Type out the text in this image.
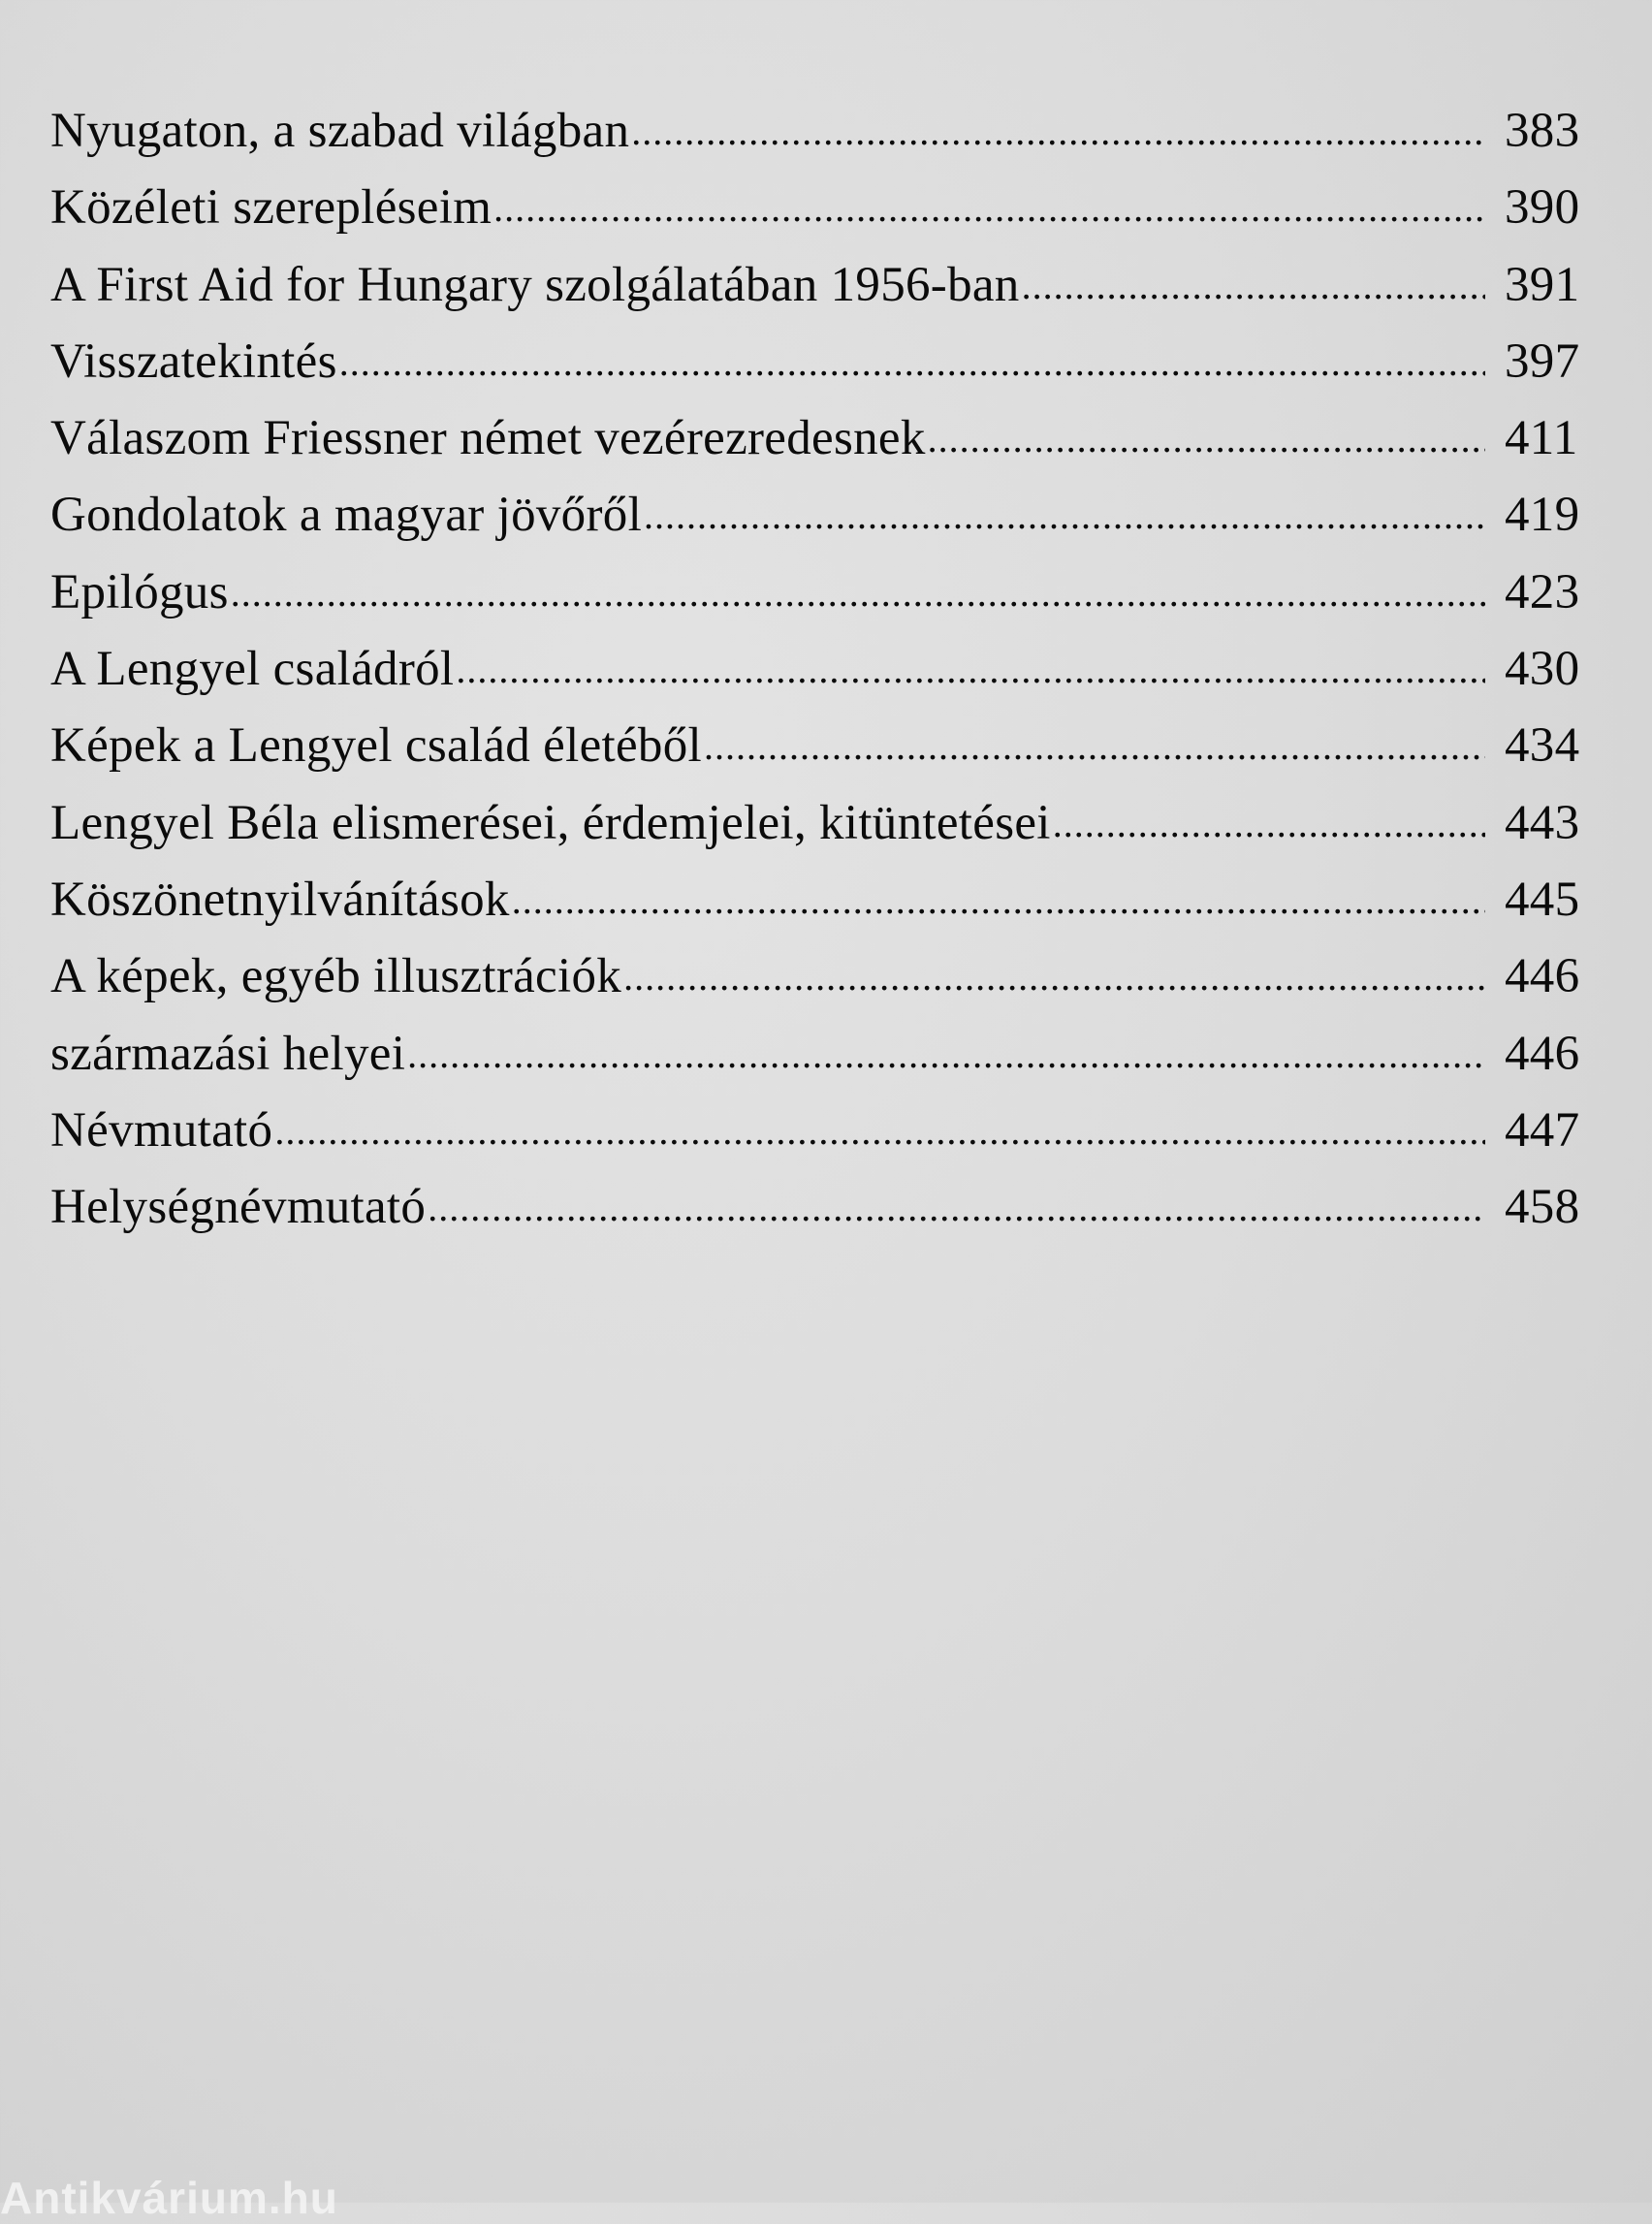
Nyugaton, a szabad világban .....	383
Közéleti szerepléseim .....	390
A First Aid for Hungary szolgálatában 1956-ban .....	391
Visszatekintés .....	397
Válaszom Friessner német vezérezredesnek .....	411
Gondolatok a magyar jövőről .....	419
Epilógus .....	423
A Lengyel családról .....	430
Képek a Lengyel család életéből .....	434
Lengyel Béla elismerései, érdemjelei, kitüntetései .....	443
Köszönetnyilvánítások .....	445
A képek, egyéb illusztrációk .....	446
származási helyei .....	446
Névmutató .....	447
Helységnévmutató .....	458
Antikvárium.hu
